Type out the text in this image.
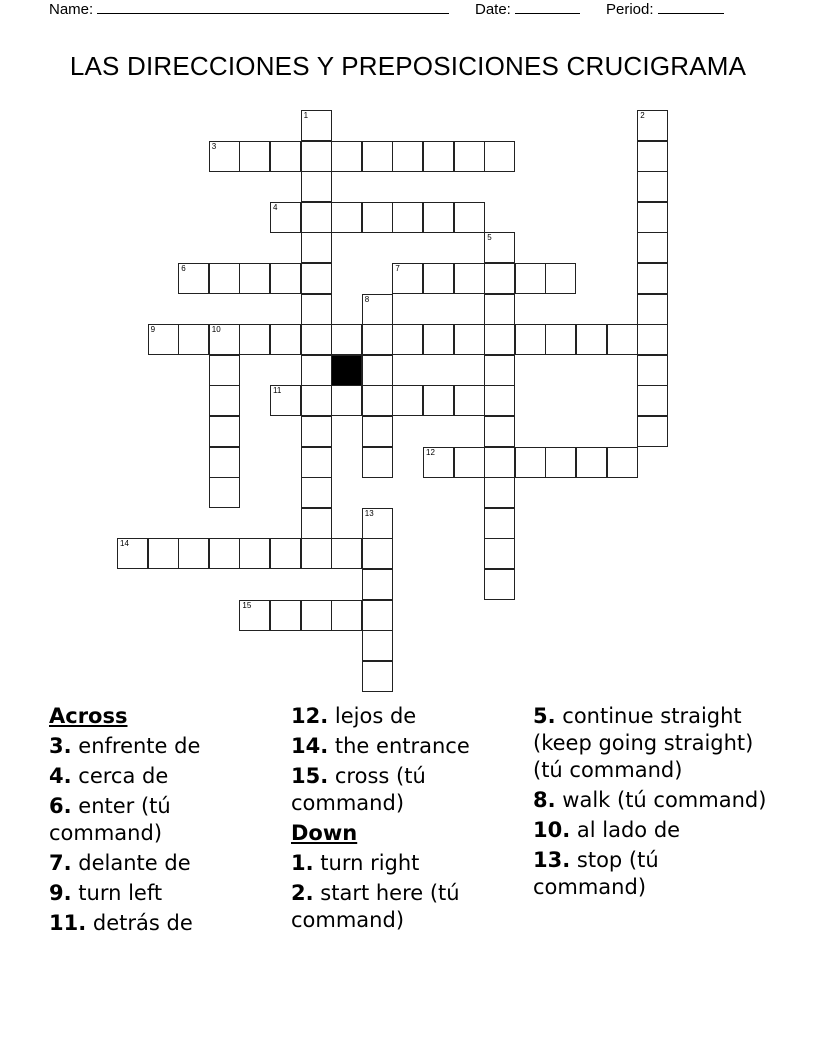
Name:	Date:	Period:
LAS DIRECCIONES Y PREPOSICIONES CRUCIGRAMA
1	2
3
4
5
6	7
8
9	10
11
12
13
14
15
Across
3. enfrente de
4. cerca de
6. enter (tú command)
7. delante de
9. turn left
11. detrás de
12. lejos de
14. the entrance
15. cross (tú command)
Down
1. turn right
2. start here (tú command)
5. continue straight (keep going straight)(tú command)
8. walk (tú command)
10. al lado de
13. stop (tú command)
